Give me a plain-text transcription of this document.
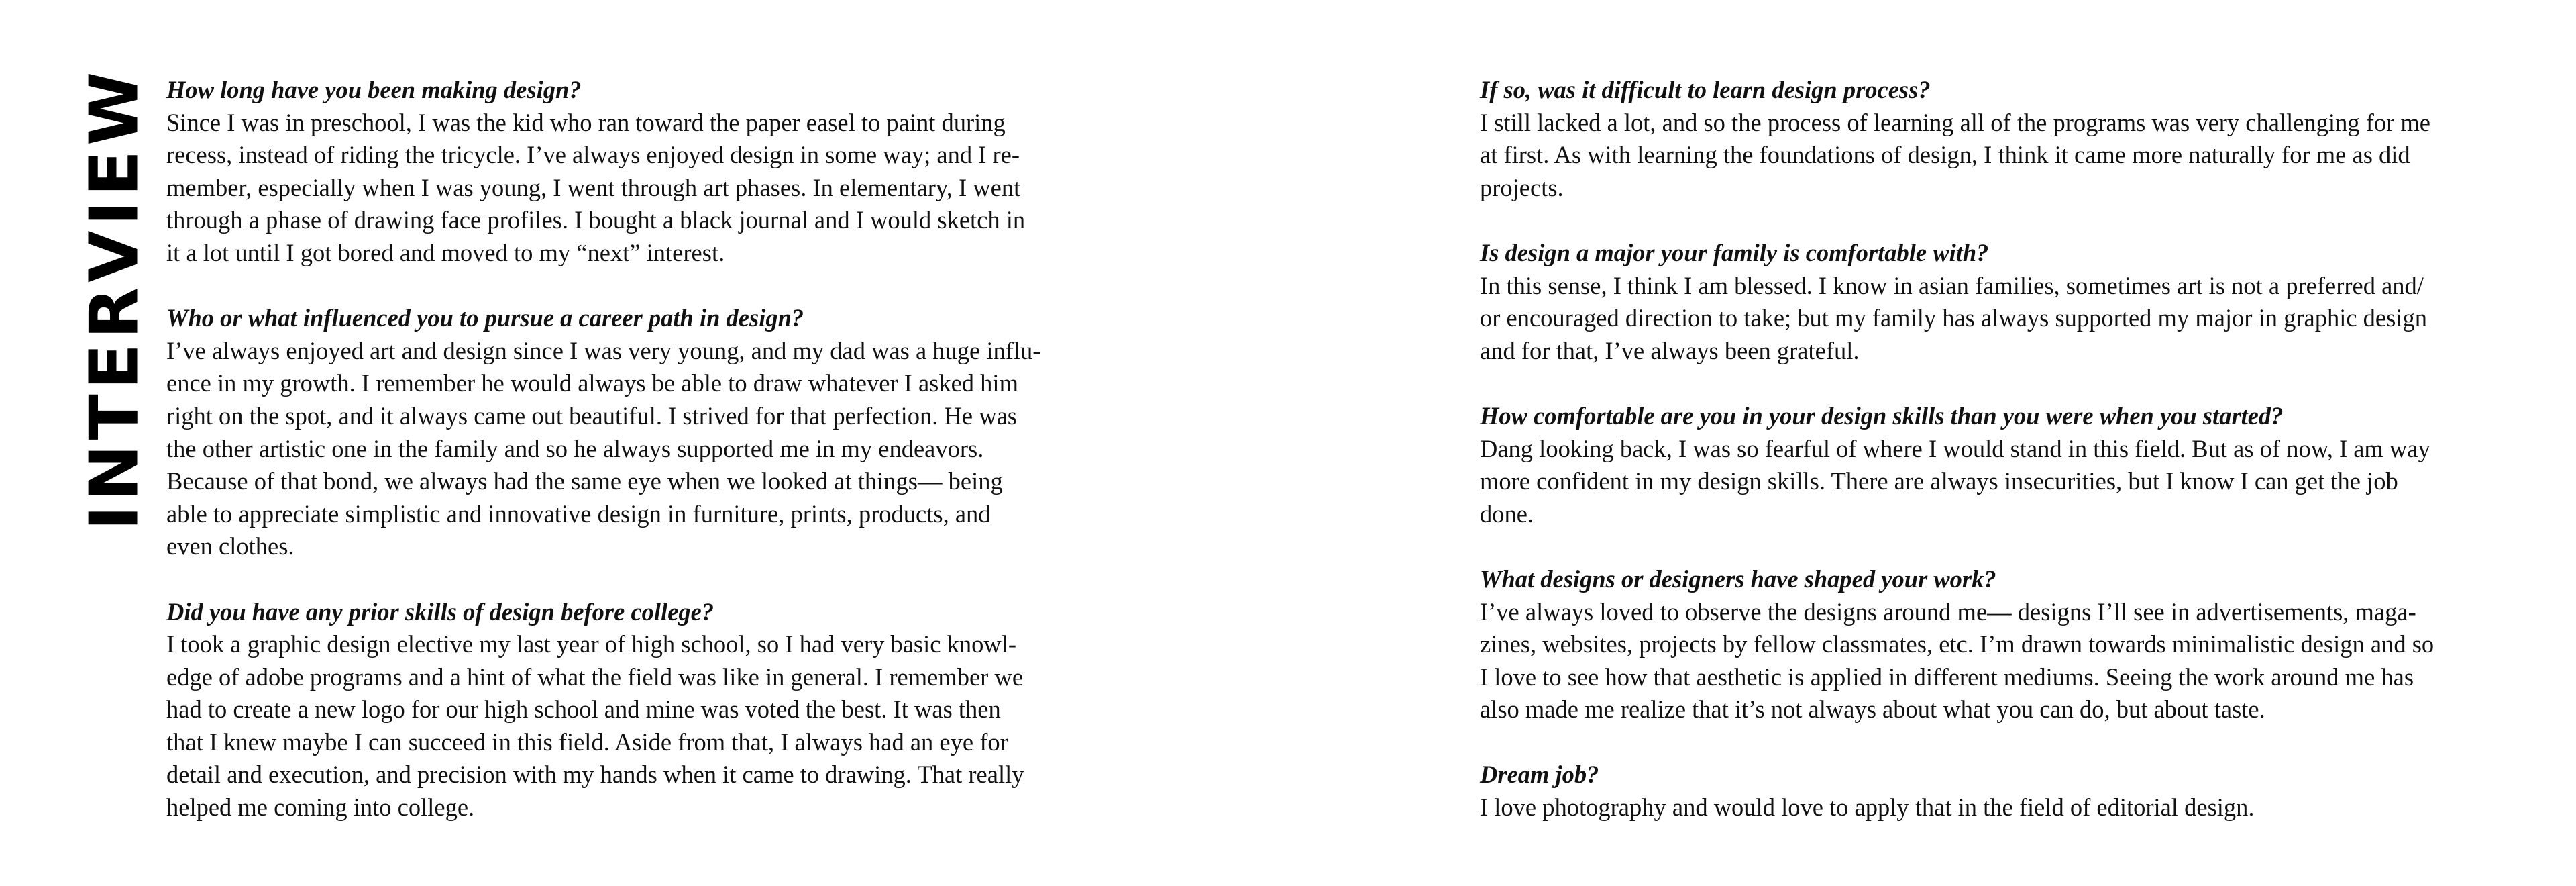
INTERVIEW How long have you been making design?
Since I was in preschool, I was the kid who ran toward the paper easel to paint during
recess, instead of riding the tricycle. I’ve always enjoyed design in some way; and I re-
member, especially when I was young, I went through art phases. In elementary, I went
through a phase of drawing face profiles. I bought a black journal and I would sketch in
it a lot until I got bored and moved to my “next” interest.
Who or what influenced you to pursue a career path in design?
I’ve always enjoyed art and design since I was very young, and my dad was a huge influ-
ence in my growth. I remember he would always be able to draw whatever I asked him
right on the spot, and it always came out beautiful. I strived for that perfection. He was
the other artistic one in the family and so he always supported me in my endeavors.
Because of that bond, we always had the same eye when we looked at things— being
able to appreciate simplistic and innovative design in furniture, prints, products, and
even clothes.
Did you have any prior skills of design before college?
I took a graphic design elective my last year of high school, so I had very basic knowl-
edge of adobe programs and a hint of what the field was like in general. I remember we
had to create a new logo for our high school and mine was voted the best. It was then
that I knew maybe I can succeed in this field. Aside from that, I always had an eye for
detail and execution, and precision with my hands when it came to drawing. That really
helped me coming into college.
If so, was it difficult to learn design process?
I still lacked a lot, and so the process of learning all of the programs was very challenging for me
at first. As with learning the foundations of design, I think it came more naturally for me as did
projects.
Is design a major your family is comfortable with?
In this sense, I think I am blessed. I know in asian families, sometimes art is not a preferred and/
or encouraged direction to take; but my family has always supported my major in graphic design
and for that, I’ve always been grateful.
How comfortable are you in your design skills than you were when you started?
Dang looking back, I was so fearful of where I would stand in this field. But as of now, I am way
more confident in my design skills. There are always insecurities, but I know I can get the job
done.
What designs or designers have shaped your work?
I’ve always loved to observe the designs around me— designs I’ll see in advertisements, maga-
zines, websites, projects by fellow classmates, etc. I’m drawn towards minimalistic design and so
I love to see how that aesthetic is applied in different mediums. Seeing the work around me has
also made me realize that it’s not always about what you can do, but about taste.
Dream job?
I love photography and would love to apply that in the field of editorial design.
